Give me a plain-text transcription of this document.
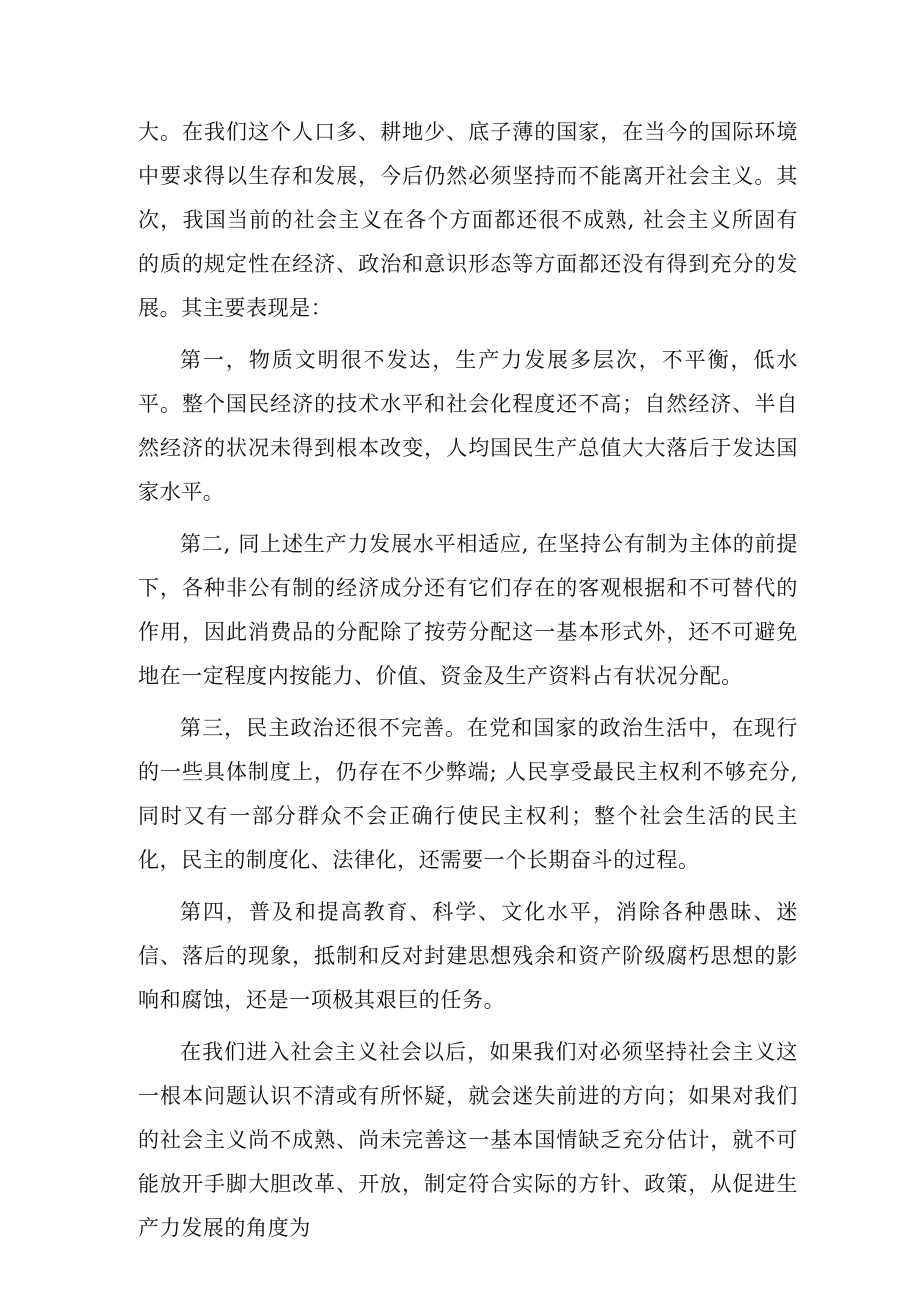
大。在我们这个人口多、耕地少、底子薄的国家，在当今的国际环境中要求得以生存和发展，今后仍然必须坚持而不能离开社会主义。其次，我国当前的社会主义在各个方面都还很不成熟, 社会主义所固有的质的规定性在经济、政治和意识形态等方面都还没有得到充分的发展。其主要表现是：

第一，物质文明很不发达，生产力发展多层次，不平衡，低水平。整个国民经济的技术水平和社会化程度还不高；自然经济、半自然经济的状况未得到根本改变，人均国民生产总值大大落后于发达国家水平。

第二, 同上述生产力发展水平相适应, 在坚持公有制为主体的前提下，各种非公有制的经济成分还有它们存在的客观根据和不可替代的作用，因此消费品的分配除了按劳分配这一基本形式外，还不可避免地在一定程度内按能力、价值、资金及生产资料占有状况分配。

第三，民主政治还很不完善。在党和国家的政治生活中，在现行的一些具体制度上，仍存在不少弊端; 人民享受最民主权利不够充分, 同时又有一部分群众不会正确行使民主权利；整个社会生活的民主化，民主的制度化、法律化，还需要一个长期奋斗的过程。

第四，普及和提高教育、科学、文化水平，消除各种愚昧、迷信、落后的现象，抵制和反对封建思想残余和资产阶级腐朽思想的影响和腐蚀，还是一项极其艰巨的任务。

在我们进入社会主义社会以后，如果我们对必须坚持社会主义这一根本问题认识不清或有所怀疑，就会迷失前进的方向；如果对我们的社会主义尚不成熟、尚未完善这一基本国情缺乏充分估计，就不可能放开手脚大胆改革、开放，制定符合实际的方针、政策，从促进生产力发展的角度为
